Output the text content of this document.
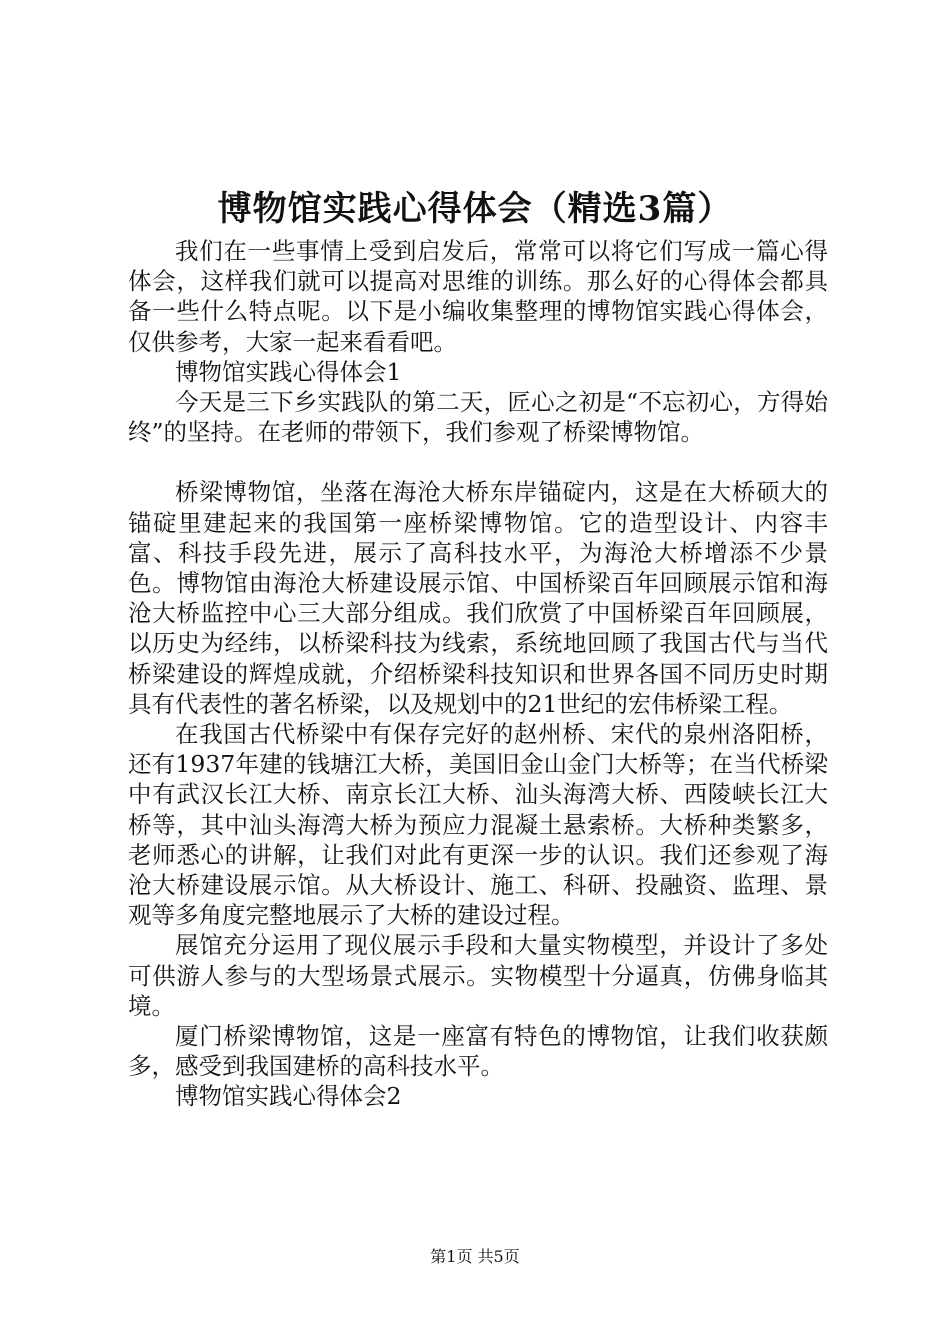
博物馆实践心得体会（精选3篇）

我们在一些事情上受到启发后，常常可以将它们写成一篇心得体会，这样我们就可以提高对思维的训练。那么好的心得体会都具备一些什么特点呢。以下是小编收集整理的博物馆实践心得体会，仅供参考，大家一起来看看吧。

博物馆实践心得体会1

今天是三下乡实践队的第二天，匠心之初是“不忘初心，方得始终”的坚持。在老师的带领下，我们参观了桥梁博物馆。

桥梁博物馆，坐落在海沧大桥东岸锚碇内，这是在大桥硕大的锚碇里建起来的我国第一座桥梁博物馆。它的造型设计、内容丰富、科技手段先进，展示了高科技水平，为海沧大桥增添不少景色。博物馆由海沧大桥建设展示馆、中国桥梁百年回顾展示馆和海沧大桥监控中心三大部分组成。我们欣赏了中国桥梁百年回顾展，以历史为经纬，以桥梁科技为线索，系统地回顾了我国古代与当代桥梁建设的辉煌成就，介绍桥梁科技知识和世界各国不同历史时期具有代表性的著名桥梁，以及规划中的21世纪的宏伟桥梁工程。

在我国古代桥梁中有保存完好的赵州桥、宋代的泉州洛阳桥，还有1937年建的钱塘江大桥，美国旧金山金门大桥等；在当代桥梁中有武汉长江大桥、南京长江大桥、汕头海湾大桥、西陵峡长江大桥等，其中汕头海湾大桥为预应力混凝土悬索桥。大桥种类繁多，老师悉心的讲解，让我们对此有更深一步的认识。我们还参观了海沧大桥建设展示馆。从大桥设计、施工、科研、投融资、监理、景观等多角度完整地展示了大桥的建设过程。

展馆充分运用了现仪展示手段和大量实物模型，并设计了多处可供游人参与的大型场景式展示。实物模型十分逼真，仿佛身临其境。

厦门桥梁博物馆，这是一座富有特色的博物馆，让我们收获颇多，感受到我国建桥的高科技水平。

博物馆实践心得体会2

第1页 共5页
